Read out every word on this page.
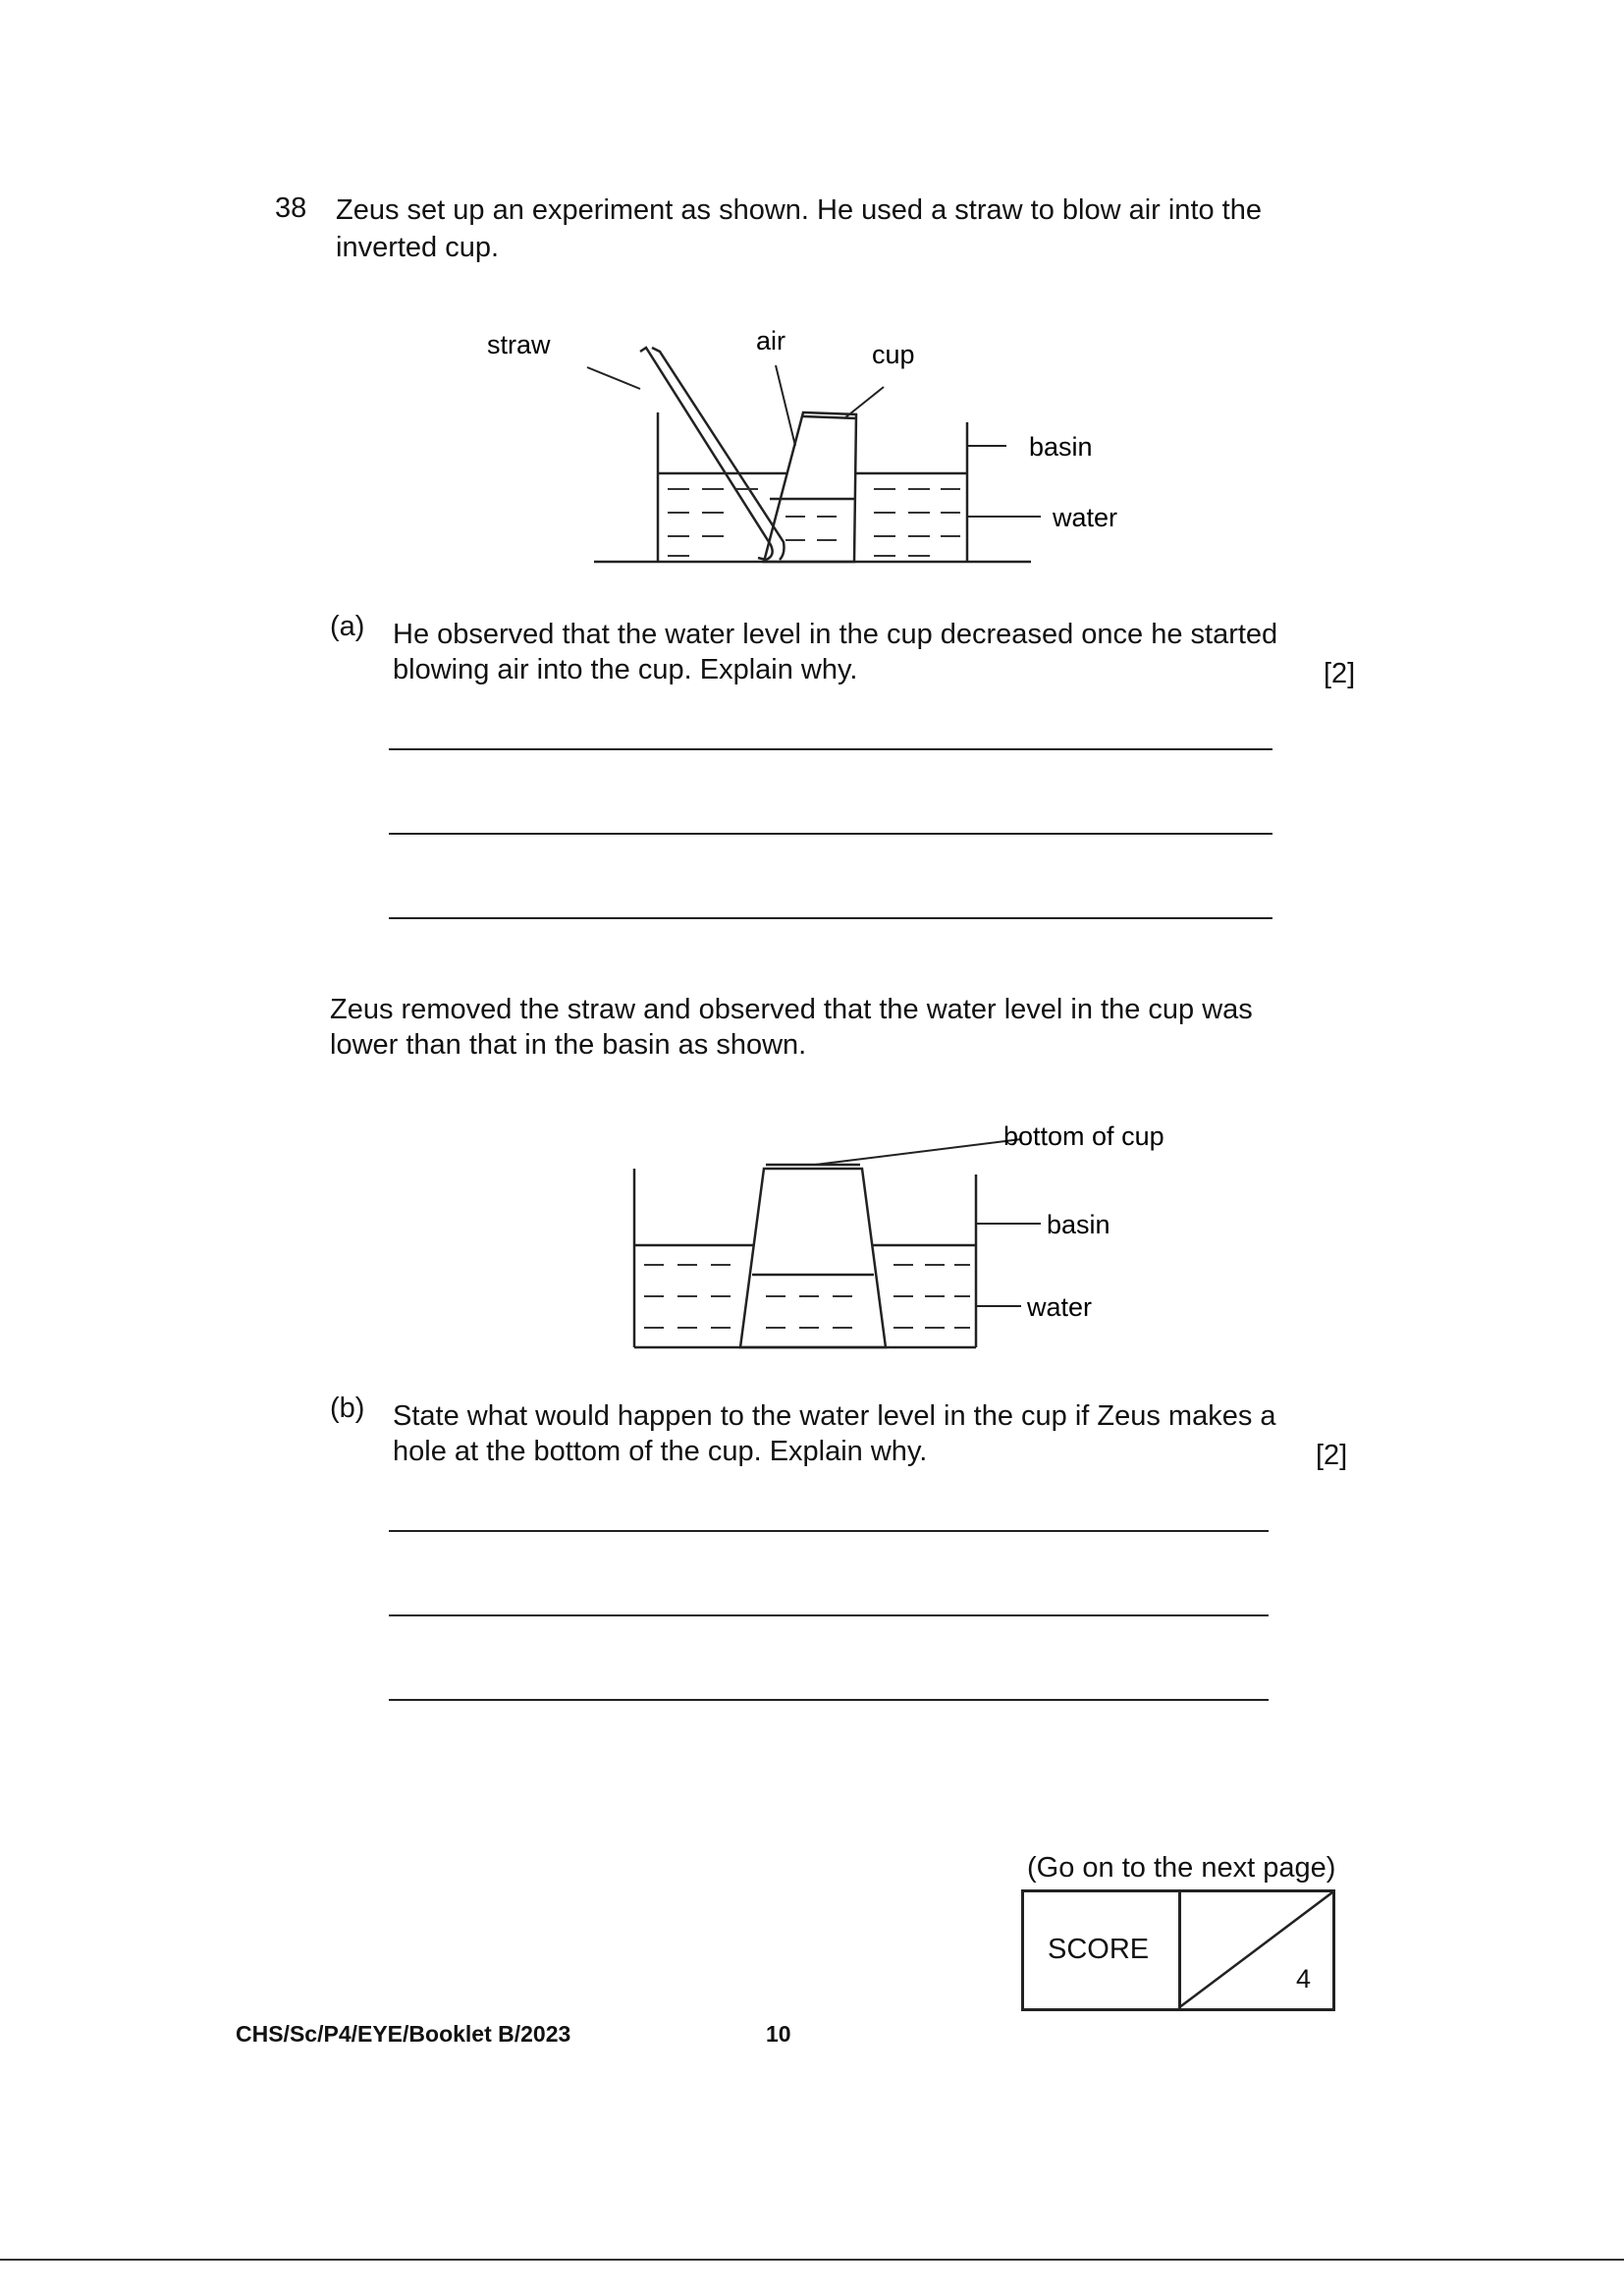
38 Zeus set up an experiment as shown. He used a straw to blow air into the
inverted cup.
straw	air	cup
basin
water
(a) He observed that the water level in the cup decreased once he started
blowing air into the cup. Explain why.	[2]
Zeus removed the straw and observed that the water level in the cup was
lower than that in the basin as shown.
bottom of cup
basin
water
(b) State what would happen to the water level in the cup if Zeus makes a
hole at the bottom of the cup. Explain why.	[2]
(Go on to the next page)
SCORE
4
CHS/Sc/P4/EYE/Booklet B/2023	10
